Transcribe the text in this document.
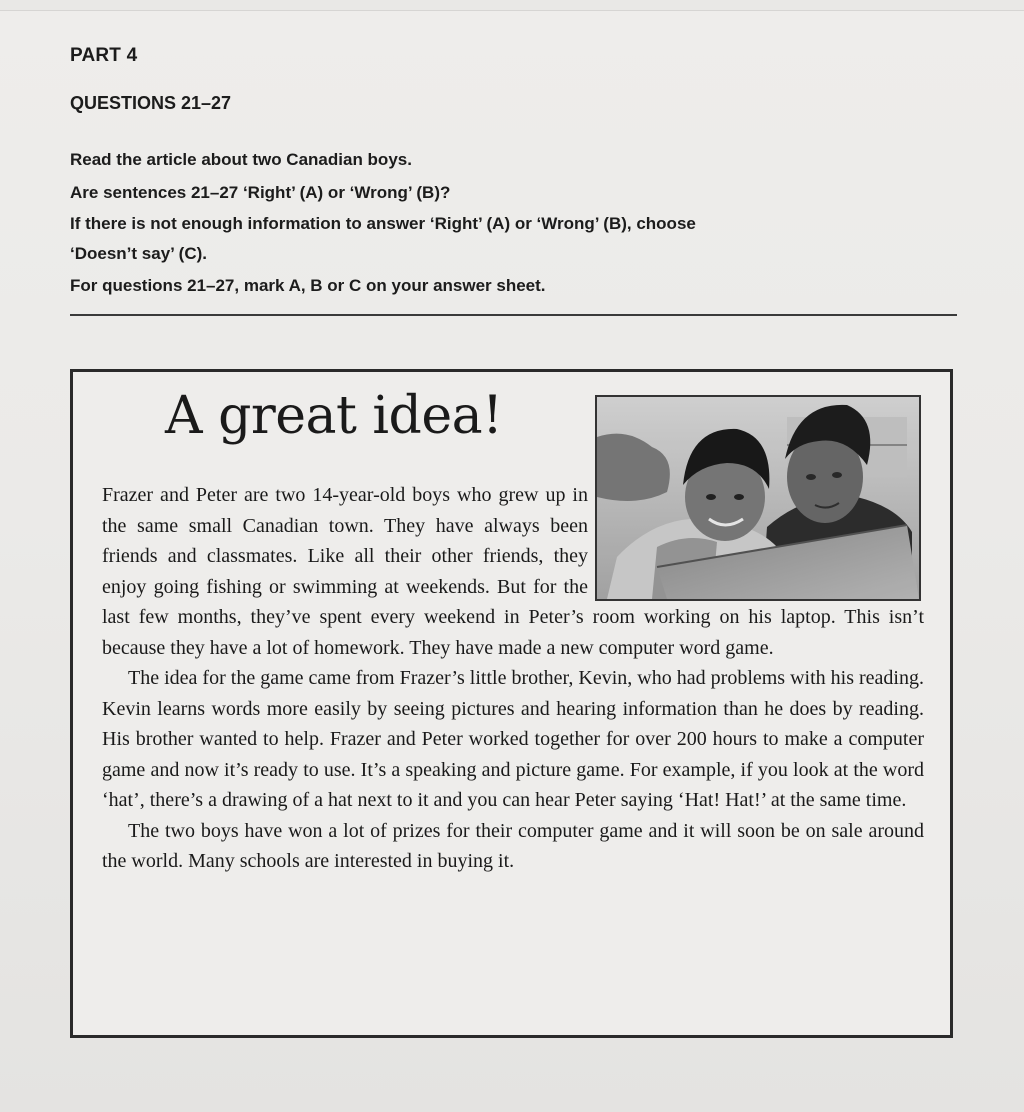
PART 4
QUESTIONS 21–27
Read the article about two Canadian boys.
Are sentences 21–27 ‘Right’ (A) or ‘Wrong’ (B)?
If there is not enough information to answer ‘Right’ (A) or ‘Wrong’ (B), choose
‘Doesn’t say’ (C).
For questions 21–27, mark A, B or C on your answer sheet.
A great idea!

Frazer and Peter are two 14-year-old boys who grew up in the same small Canadian town. They have always been friends and classmates. Like all their other friends, they enjoy going fishing or swimming at weekends. But for the last few months, they’ve spent every weekend in Peter’s room working on his laptop. This isn’t because they have a lot of homework. They have made a new computer word game.

The idea for the game came from Frazer’s little brother, Kevin, who had problems with his reading. Kevin learns words more easily by seeing pictures and hearing information than he does by reading. His brother wanted to help. Frazer and Peter worked together for over 200 hours to make a computer game and now it’s ready to use. It’s a speaking and picture game. For example, if you look at the word ‘hat’, there’s a drawing of a hat next to it and you can hear Peter saying ‘Hat! Hat!’ at the same time.

The two boys have won a lot of prizes for their computer game and it will soon be on sale around the world. Many schools are interested in buying it.
